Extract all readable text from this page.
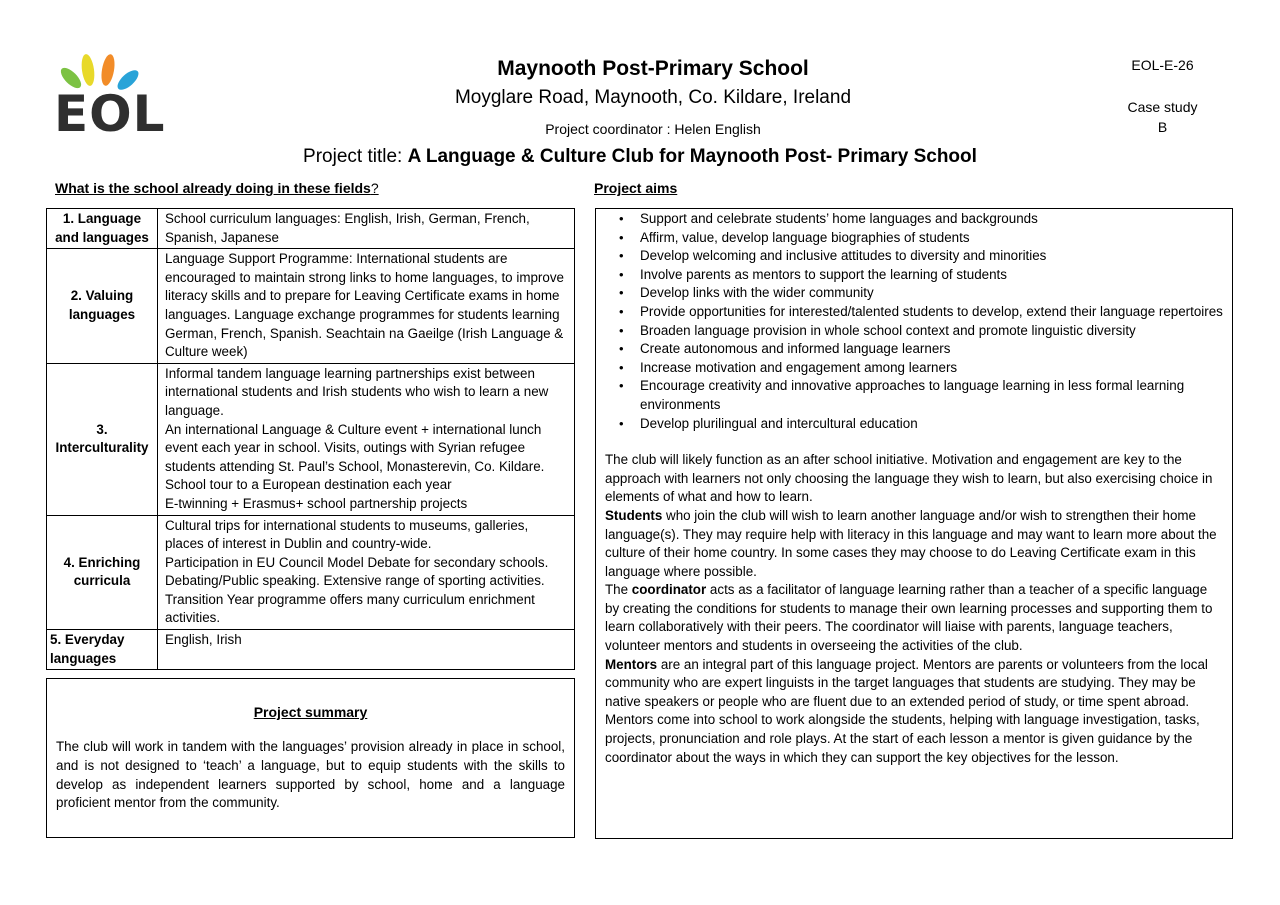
EOL
Maynooth Post-Primary School
Moyglare Road, Maynooth, Co. Kildare, Ireland
Project coordinator : Helen English
Project title: A Language & Culture Club for Maynooth Post- Primary School
EOL-E-26
Case study
B
What is the school already doing in these fields?	Project aims
1. Language and languages	School curriculum languages: English, Irish, German, French, Spanish, Japanese

2. Valuing languages	Language Support Programme: International students are encouraged to maintain strong links to home languages, to improve literacy skills and to prepare for Leaving Certificate exams in home languages. Language exchange programmes for students learning German, French, Spanish. Seachtain na Gaeilge (Irish Language & Culture week)

3. Interculturality	Informal tandem language learning partnerships exist between international students and Irish students who wish to learn a new language.
An international Language & Culture event + international lunch event each year in school. Visits, outings with Syrian refugee students attending St. Paul’s School, Monasterevin, Co. Kildare.
School tour to a European destination each year
E-twinning + Erasmus+ school partnership projects

4. Enriching curricula	Cultural trips for international students to museums, galleries, places of interest in Dublin and country-wide.
Participation in EU Council Model Debate for secondary schools. Debating/Public speaking. Extensive range of sporting activities. Transition Year programme offers many curriculum enrichment activities.

5. Everyday languages	English, Irish
Project summary
The club will work in tandem with the languages’ provision already in place in school, and is not designed to ‘teach’ a language, but to equip students with the skills to develop as independent learners supported by school, home and a language proficient mentor from the community.
• Support and celebrate students’ home languages and backgrounds
• Affirm, value, develop language biographies of students
• Develop welcoming and inclusive attitudes to diversity and minorities
• Involve parents as mentors to support the learning of students
• Develop links with the wider community
• Provide opportunities for interested/talented students to develop, extend their language repertoires
• Broaden language provision in whole school context and promote linguistic diversity
• Create autonomous and informed language learners
• Increase motivation and engagement among learners
• Encourage creativity and innovative approaches to language learning in less formal learning environments
• Develop plurilingual and intercultural education

The club will likely function as an after school initiative. Motivation and engagement are key to the approach with learners not only choosing the language they wish to learn, but also exercising choice in elements of what and how to learn.

Students who join the club will wish to learn another language and/or wish to strengthen their home language(s). They may require help with literacy in this language and may want to learn more about the culture of their home country. In some cases they may choose to do Leaving Certificate exam in this language where possible.

The coordinator acts as a facilitator of language learning rather than a teacher of a specific language by creating the conditions for students to manage their own learning processes and supporting them to learn collaboratively with their peers. The coordinator will liaise with parents, language teachers, volunteer mentors and students in overseeing the activities of the club.

Mentors are an integral part of this language project. Mentors are parents or volunteers from the local community who are expert linguists in the target languages that students are studying. They may be native speakers or people who are fluent due to an extended period of study, or time spent abroad.

Mentors come into school to work alongside the students, helping with language investigation, tasks, projects, pronunciation and role plays. At the start of each lesson a mentor is given guidance by the coordinator about the ways in which they can support the key objectives for the lesson.
